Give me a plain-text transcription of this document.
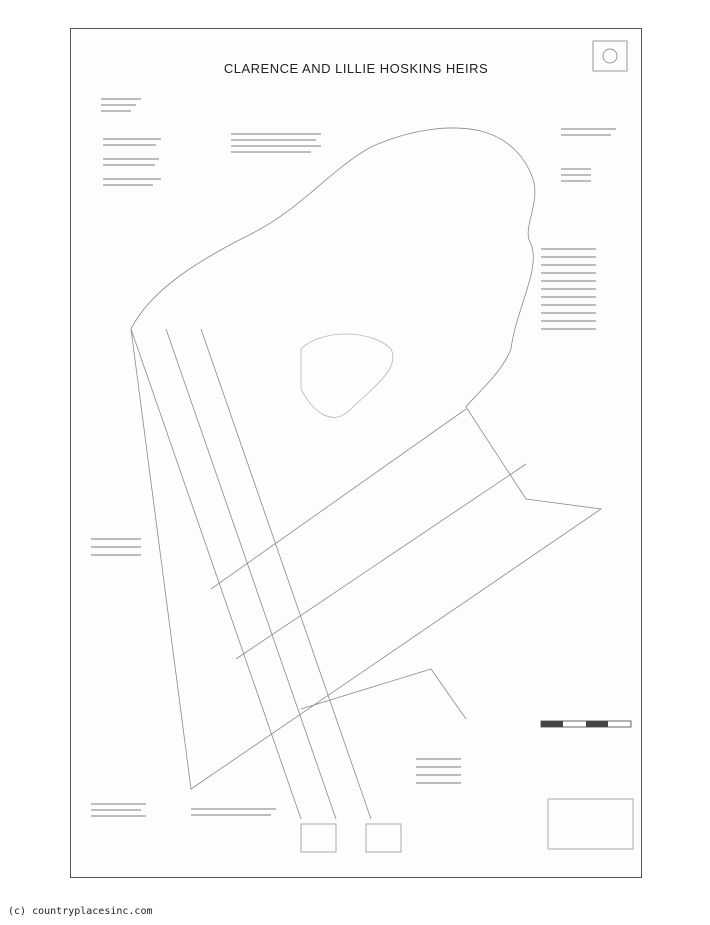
CLARENCE AND LILLIE HOSKINS HEIRS
(c) countryplacesinc.com
